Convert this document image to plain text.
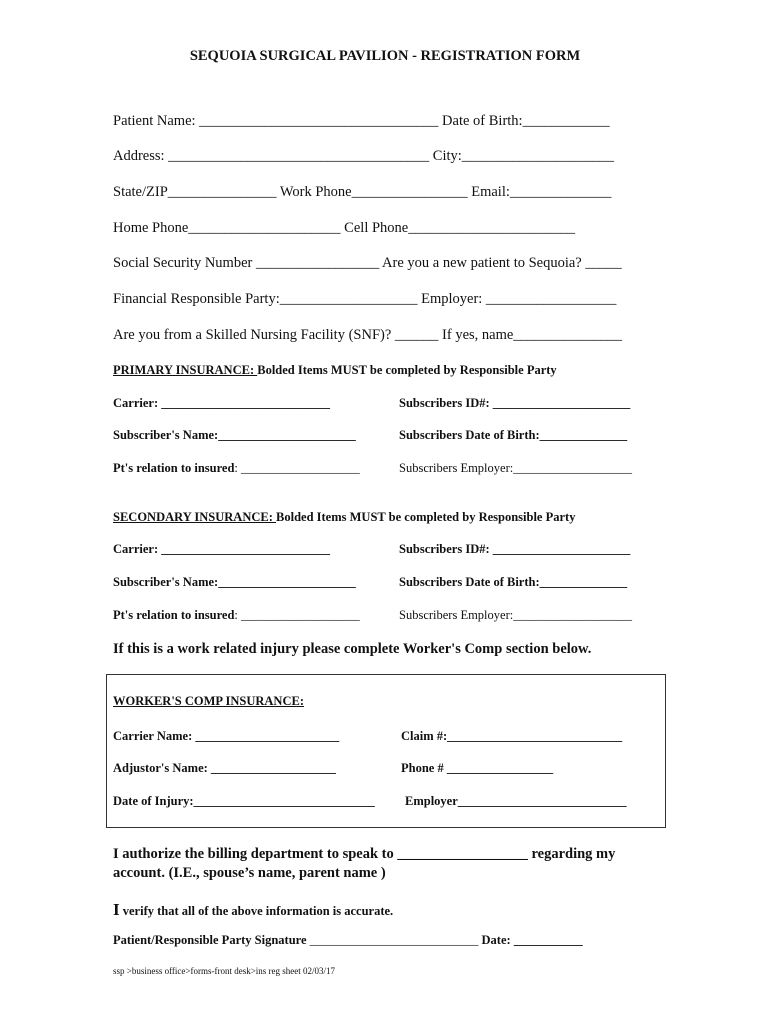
SEQUOIA SURGICAL PAVILION - REGISTRATION FORM
Patient Name: _________________________________ Date of Birth:____________
Address: ____________________________________ City:_____________________
State/ZIP_______________ Work Phone________________ Email:______________
Home Phone_____________________ Cell Phone_______________________
Social Security Number _________________ Are you a new patient to Sequoia? _____
Financial Responsible Party:___________________ Employer: __________________
Are you from a Skilled Nursing Facility (SNF)? ______ If yes, name_______________
PRIMARY INSURANCE: Bolded Items MUST be completed by Responsible Party
Carrier: ___________________________	Subscribers ID#: ______________________
Subscriber's Name:______________________	Subscribers Date of Birth:______________
Pt's relation to insured: ___________________	Subscribers Employer:___________________
SECONDARY INSURANCE: Bolded Items MUST be completed by Responsible Party
Carrier: ___________________________	Subscribers ID#: ______________________
Subscriber's Name:______________________	Subscribers Date of Birth:______________
Pt's relation to insured: ___________________	Subscribers Employer:___________________
If this is a work related injury please complete Worker's Comp section below.
WORKER'S COMP INSURANCE:
Carrier Name: _______________________	Claim #:____________________________
Adjustor's Name: ____________________	Phone # _________________
Date of Injury:_____________________________ Employer___________________________
I authorize the billing department to speak to __________________ regarding my
account. (I.E., spouse’s name, parent name )
I verify that all of the above information is accurate.
Patient/Responsible Party Signature ___________________________ Date: ___________
ssp >business office>forms-front desk>ins reg sheet 02/03/17
